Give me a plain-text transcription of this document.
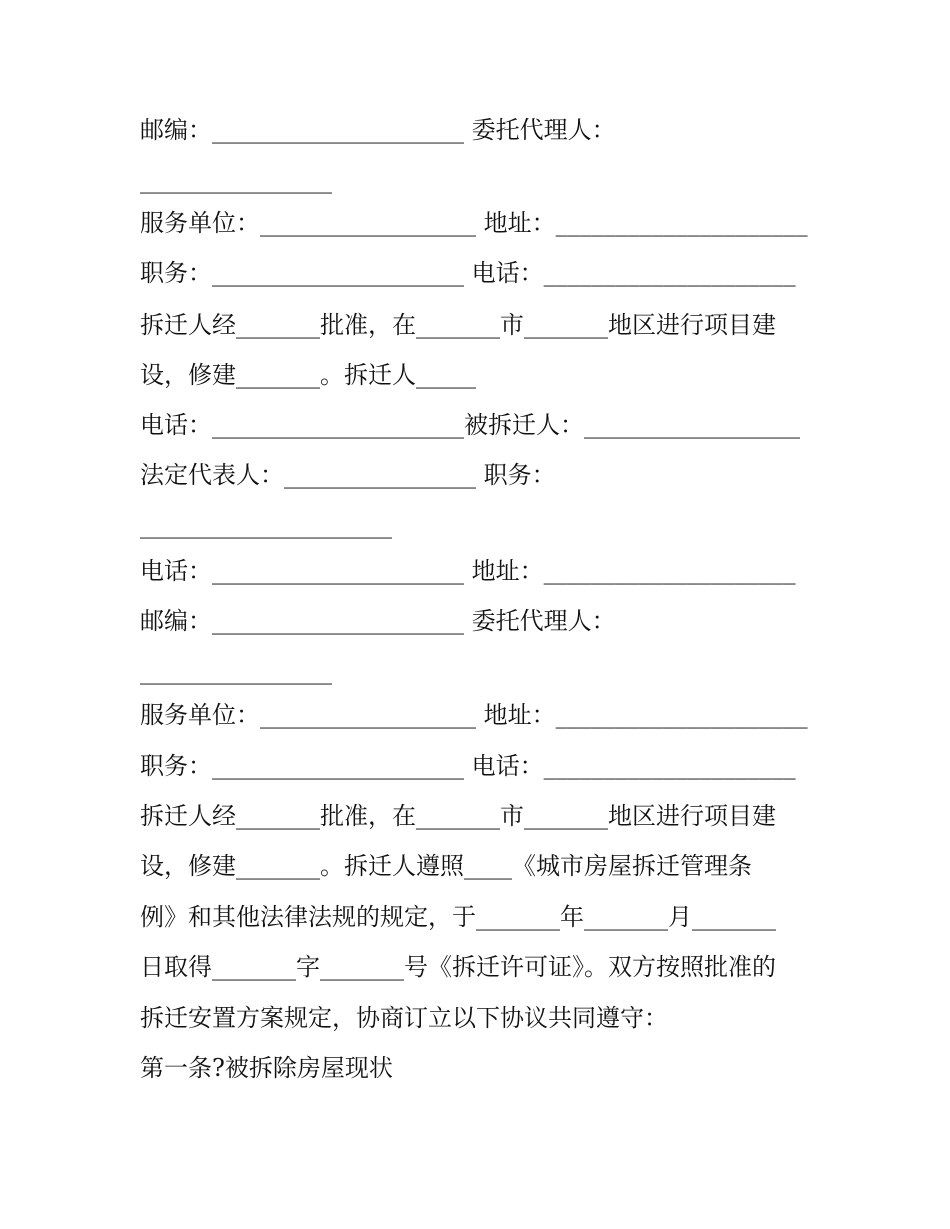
邮编：_____________________ 委托代理人：
________________
服务单位：__________________ 地址：_____________________
职务：_____________________ 电话：_____________________
拆迁人经_______批准，在_______市_______地区进行项目建
设，修建_______。拆迁人_____
电话：_____________________被拆迁人：__________________
法定代表人：________________ 职务：
_____________________
电话：_____________________ 地址：_____________________
邮编：_____________________ 委托代理人：
________________
服务单位：__________________ 地址：_____________________
职务：_____________________ 电话：_____________________
拆迁人经_______批准，在_______市_______地区进行项目建
设，修建_______。拆迁人遵照____《城市房屋拆迁管理条
例》和其他法律法规的规定，于_______年_______月_______
日取得_______字_______号《拆迁许可证》。双方按照批准的
拆迁安置方案规定，协商订立以下协议共同遵守：
第一条?被拆除房屋现状
